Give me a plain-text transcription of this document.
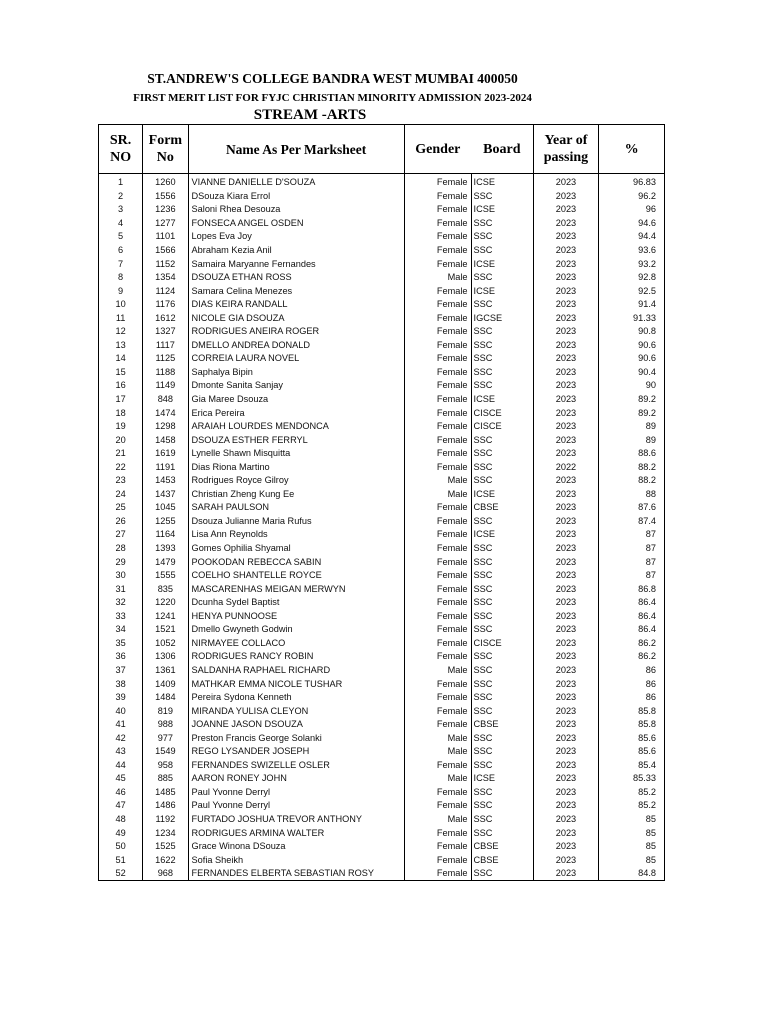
ST.ANDREW'S COLLEGE BANDRA WEST MUMBAI 400050
FIRST MERIT LIST FOR FYJC CHRISTIAN MINORITY ADMISSION 2023-2024
STREAM -ARTS
SR. NO	Form No	Name As Per Marksheet	Gender	Board	Year of passing	%
1	1260	VIANNE DANIELLE D'SOUZA	Female	ICSE	2023	96.83
2	1556	DSouza Kiara Errol	Female	SSC	2023	96.2
3	1236	Saloni Rhea Desouza	Female	ICSE	2023	96
4	1277	FONSECA ANGEL OSDEN	Female	SSC	2023	94.6
5	1101	Lopes Eva Joy	Female	SSC	2023	94.4
6	1566	Abraham Kezia Anil	Female	SSC	2023	93.6
7	1152	Samaira Maryanne Fernandes	Female	ICSE	2023	93.2
8	1354	DSOUZA ETHAN ROSS	Male	SSC	2023	92.8
9	1124	Samara Celina Menezes	Female	ICSE	2023	92.5
10	1176	DIAS KEIRA RANDALL	Female	SSC	2023	91.4
11	1612	NICOLE GIA DSOUZA	Female	IGCSE	2023	91.33
12	1327	RODRIGUES ANEIRA ROGER	Female	SSC	2023	90.8
13	1117	DMELLO ANDREA DONALD	Female	SSC	2023	90.6
14	1125	CORREIA LAURA NOVEL	Female	SSC	2023	90.6
15	1188	Saphalya Bipin	Female	SSC	2023	90.4
16	1149	Dmonte Sanita Sanjay	Female	SSC	2023	90
17	848	Gia Maree Dsouza	Female	ICSE	2023	89.2
18	1474	Erica Pereira	Female	CISCE	2023	89.2
19	1298	ARAIAH LOURDES MENDONCA	Female	CISCE	2023	89
20	1458	DSOUZA ESTHER FERRYL	Female	SSC	2023	89
21	1619	Lynelle Shawn Misquitta	Female	SSC	2023	88.6
22	1191	Dias Riona Martino	Female	SSC	2022	88.2
23	1453	Rodrigues Royce Gilroy	Male	SSC	2023	88.2
24	1437	Christian Zheng Kung Ee	Male	ICSE	2023	88
25	1045	SARAH PAULSON	Female	CBSE	2023	87.6
26	1255	Dsouza Julianne Maria Rufus	Female	SSC	2023	87.4
27	1164	Lisa Ann Reynolds	Female	ICSE	2023	87
28	1393	Gomes Ophilia Shyamal	Female	SSC	2023	87
29	1479	POOKODAN REBECCA SABIN	Female	SSC	2023	87
30	1555	COELHO SHANTELLE ROYCE	Female	SSC	2023	87
31	835	MASCARENHAS MEIGAN MERWYN	Female	SSC	2023	86.8
32	1220	Dcunha Sydel Baptist	Female	SSC	2023	86.4
33	1241	HENYA PUNNOOSE	Female	SSC	2023	86.4
34	1521	Dmello Gwyneth Godwin	Female	SSC	2023	86.4
35	1052	NIRMAYEE COLLACO	Female	CISCE	2023	86.2
36	1306	RODRIGUES RANCY ROBIN	Female	SSC	2023	86.2
37	1361	SALDANHA RAPHAEL RICHARD	Male	SSC	2023	86
38	1409	MATHKAR EMMA NICOLE TUSHAR	Female	SSC	2023	86
39	1484	Pereira Sydona Kenneth	Female	SSC	2023	86
40	819	MIRANDA YULISA CLEYON	Female	SSC	2023	85.8
41	988	JOANNE JASON DSOUZA	Female	CBSE	2023	85.8
42	977	Preston Francis George Solanki	Male	SSC	2023	85.6
43	1549	REGO LYSANDER JOSEPH	Male	SSC	2023	85.6
44	958	FERNANDES SWIZELLE OSLER	Female	SSC	2023	85.4
45	885	AARON RONEY JOHN	Male	ICSE	2023	85.33
46	1485	Paul Yvonne Derryl	Female	SSC	2023	85.2
47	1486	Paul Yvonne Derryl	Female	SSC	2023	85.2
48	1192	FURTADO JOSHUA TREVOR ANTHONY	Male	SSC	2023	85
49	1234	RODRIGUES ARMINA WALTER	Female	SSC	2023	85
50	1525	Grace Winona DSouza	Female	CBSE	2023	85
51	1622	Sofia Sheikh	Female	CBSE	2023	85
52	968	FERNANDES ELBERTA SEBASTIAN ROSY	Female	SSC	2023	84.8
